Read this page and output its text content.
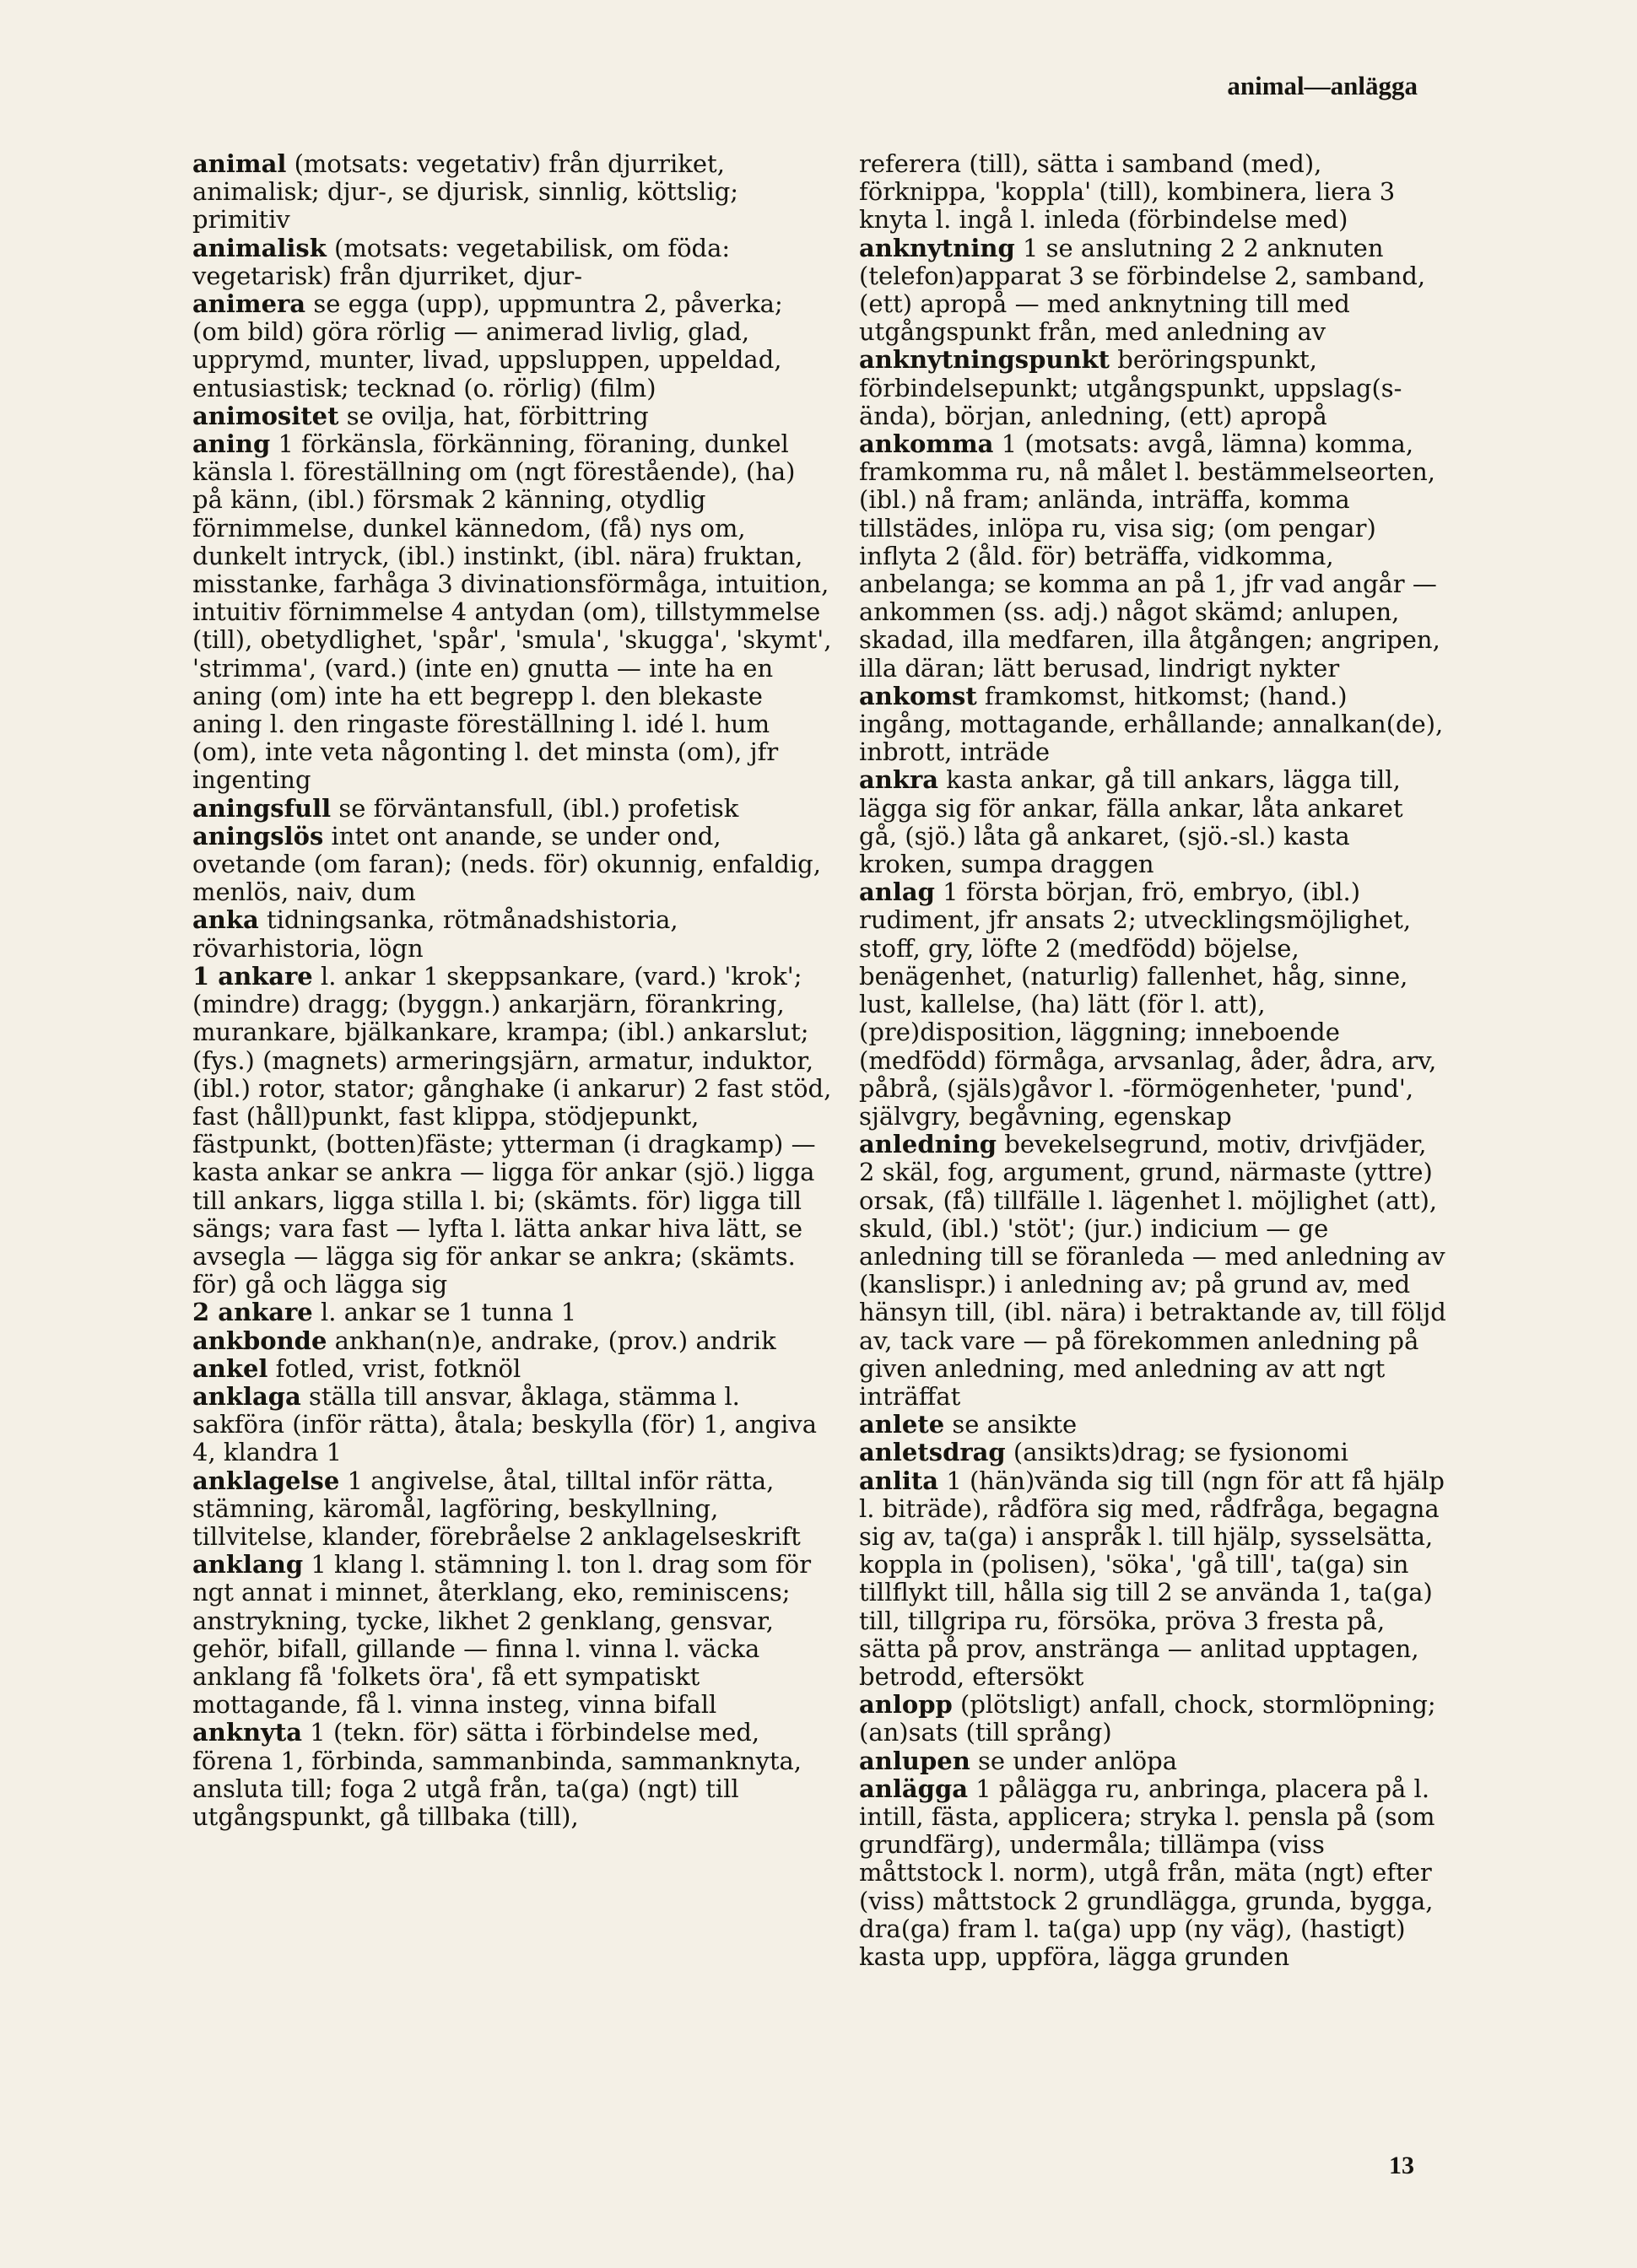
animal—anlägga

animal (motsats: vegetativ) från djurriket, animalisk; djur-, se djurisk, sinnlig, köttslig; primitiv

animalisk (motsats: vegetabilisk, om föda: vegetarisk) från djurriket, djur-

animera se egga (upp), uppmuntra 2, påverka; (om bild) göra rörlig — animerad livlig, glad, upprymd, munter, livad, uppsluppen, uppeldad, entusiastisk; tecknad (o. rörlig) (film)

animositet se ovilja, hat, förbittring

aning 1 förkänsla, förkänning, föraning, dunkel känsla l. föreställning om (ngt förestående), (ha) på känn, (ibl.) försmak 2 känning, otydlig förnimmelse, dunkel kännedom, (få) nys om, dunkelt intryck, (ibl.) instinkt, (ibl. nära) fruktan, misstanke, farhåga 3 divinationsförmåga, intuition, intuitiv förnimmelse 4 antydan (om), tillstymmelse (till), obetydlighet, 'spår', 'smula', 'skugga', 'skymt', 'strimma', (vard.) (inte en) gnutta — inte ha en aning (om) inte ha ett begrepp l. den blekaste aning l. den ringaste föreställning l. idé l. hum (om), inte veta någonting l. det minsta (om), jfr ingenting

aningsfull se förväntansfull, (ibl.) profetisk

aningslös intet ont anande, se under ond, ovetande (om faran); (neds. för) okunnig, enfaldig, menlös, naiv, dum

anka tidningsanka, rötmånadshistoria, rövarhistoria, lögn

1 ankare l. ankar 1 skeppsankare, (vard.) 'krok'; (mindre) dragg; (byggn.) ankarjärn, förankring, murankare, bjälkankare, krampa; (ibl.) ankarslut; (fys.) (magnets) armeringsjärn, armatur, induktor, (ibl.) rotor, stator; gånghake (i ankarur) 2 fast stöd, fast (håll)punkt, fast klippa, stödjepunkt, fästpunkt, (botten)fäste; ytterman (i dragkamp) — kasta ankar se ankra — ligga för ankar (sjö.) ligga till ankars, ligga stilla l. bi; (skämts. för) ligga till sängs; vara fast — lyfta l. lätta ankar hiva lätt, se avsegla — lägga sig för ankar se ankra; (skämts. för) gå och lägga sig

2 ankare l. ankar se 1 tunna 1

ankbonde ankhan(n)e, andrake, (prov.) andrik

ankel fotled, vrist, fotknöl

anklaga ställa till ansvar, åklaga, stämma l. sakföra (inför rätta), åtala; beskylla (för) 1, angiva 4, klandra 1

anklagelse 1 angivelse, åtal, tilltal inför rätta, stämning, käromål, lagföring, beskyllning, tillvitelse, klander, förebråelse 2 anklagelseskrift

anklang 1 klang l. stämning l. ton l. drag som för ngt annat i minnet, återklang, eko, reminiscens; anstrykning, tycke, likhet 2 genklang, gensvar, gehör, bifall, gillande — finna l. vinna l. väcka anklang få 'folkets öra', få ett sympatiskt mottagande, få l. vinna insteg, vinna bifall

anknyta 1 (tekn. för) sätta i förbindelse med, förena 1, förbinda, sammanbinda, sammanknyta, ansluta till; foga 2 utgå från, ta(ga) (ngt) till utgångspunkt, gå tillbaka (till),

referera (till), sätta i samband (med), förknippa, 'koppla' (till), kombinera, liera 3 knyta l. ingå l. inleda (förbindelse med)

anknytning 1 se anslutning 2 2 anknuten (telefon)apparat 3 se förbindelse 2, samband, (ett) apropå — med anknytning till med utgångspunkt från, med anledning av

anknytningspunkt beröringspunkt, förbindelsepunkt; utgångspunkt, uppslag(s-ända), början, anledning, (ett) apropå

ankomma 1 (motsats: avgå, lämna) komma, framkomma ru, nå målet l. bestämmelseorten, (ibl.) nå fram; anlända, inträffa, komma tillstädes, inlöpa ru, visa sig; (om pengar) inflyta 2 (åld. för) beträffa, vidkomma, anbelanga; se komma an på 1, jfr vad angår — ankommen (ss. adj.) något skämd; anlupen, skadad, illa medfaren, illa åtgången; angripen, illa däran; lätt berusad, lindrigt nykter

ankomst framkomst, hitkomst; (hand.) ingång, mottagande, erhållande; annalkan(de), inbrott, inträde

ankra kasta ankar, gå till ankars, lägga till, lägga sig för ankar, fälla ankar, låta ankaret gå, (sjö.) låta gå ankaret, (sjö.-sl.) kasta kroken, sumpa draggen

anlag 1 första början, frö, embryo, (ibl.) rudiment, jfr ansats 2; utvecklingsmöjlighet, stoff, gry, löfte 2 (medfödd) böjelse, benägenhet, (naturlig) fallenhet, håg, sinne, lust, kallelse, (ha) lätt (för l. att), (pre)disposition, läggning; inneboende (medfödd) förmåga, arvsanlag, åder, ådra, arv, påbrå, (själs)gåvor l. -förmögenheter, 'pund', självgry, begåvning, egenskap

anledning bevekelsegrund, motiv, drivfjäder, 2 skäl, fog, argument, grund, närmaste (yttre) orsak, (få) tillfälle l. lägenhet l. möjlighet (att), skuld, (ibl.) 'stöt'; (jur.) indicium — ge anledning till se föranleda — med anledning av (kanslispr.) i anledning av; på grund av, med hänsyn till, (ibl. nära) i betraktande av, till följd av, tack vare — på förekommen anledning på given anledning, med anledning av att ngt inträffat

anlete se ansikte

anletsdrag (ansikts)drag; se fysionomi

anlita 1 (hän)vända sig till (ngn för att få hjälp l. biträde), rådföra sig med, rådfråga, begagna sig av, ta(ga) i anspråk l. till hjälp, sysselsätta, koppla in (polisen), 'söka', 'gå till', ta(ga) sin tillflykt till, hålla sig till 2 se använda 1, ta(ga) till, tillgripa ru, försöka, pröva 3 fresta på, sätta på prov, anstränga — anlitad upptagen, betrodd, eftersökt

anlopp (plötsligt) anfall, chock, stormlöpning; (an)sats (till språng)

anlupen se under anlöpa

anlägga 1 pålägga ru, anbringa, placera på l. intill, fästa, applicera; stryka l. pensla på (som grundfärg), undermåla; tillämpa (viss måttstock l. norm), utgå från, mäta (ngt) efter (viss) måttstock 2 grundlägga, grunda, bygga, dra(ga) fram l. ta(ga) upp (ny väg), (hastigt) kasta upp, uppföra, lägga grunden

13
